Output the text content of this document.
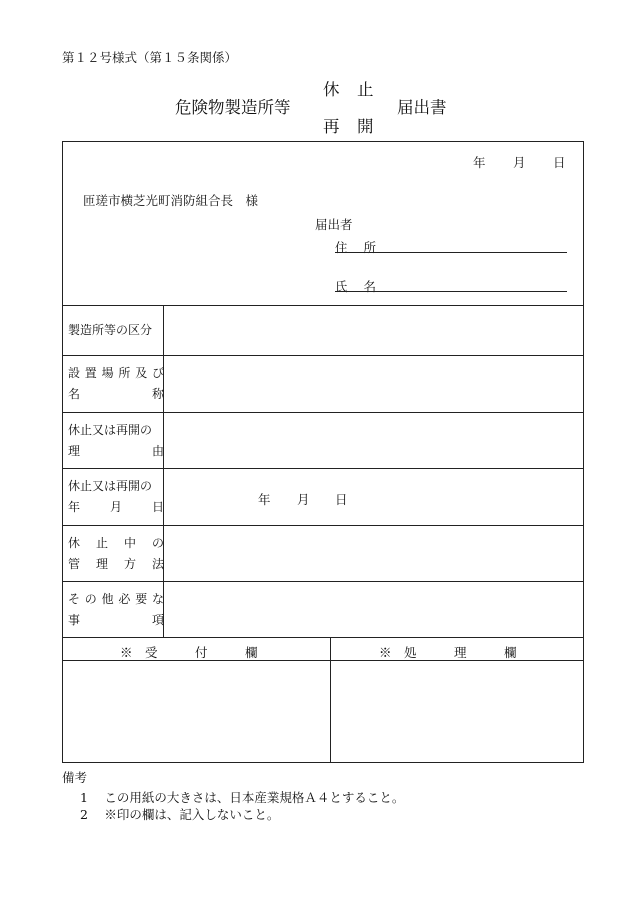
第１２号様式（第１５条関係）
危険物製造所等
休　止
再　開
届出書
年 月 日
匝瑳市横芝光町消防組合長　様
届出者
住 所
氏 名
製造所等の区分
設 置 場 所 及 び
名	称
休止又は再開の
理	由
休止又は再開の
年 月 日	年 月 日
休 止 中 の
管 理 方 法
そ の 他 必 要 な
事	項
※　受　　　付　　　欄	※　処　　　理　　　欄
備考
1　 この用紙の大きさは、日本産業規格Ａ４とすること。
2　 ※印の欄は、記入しないこと。
